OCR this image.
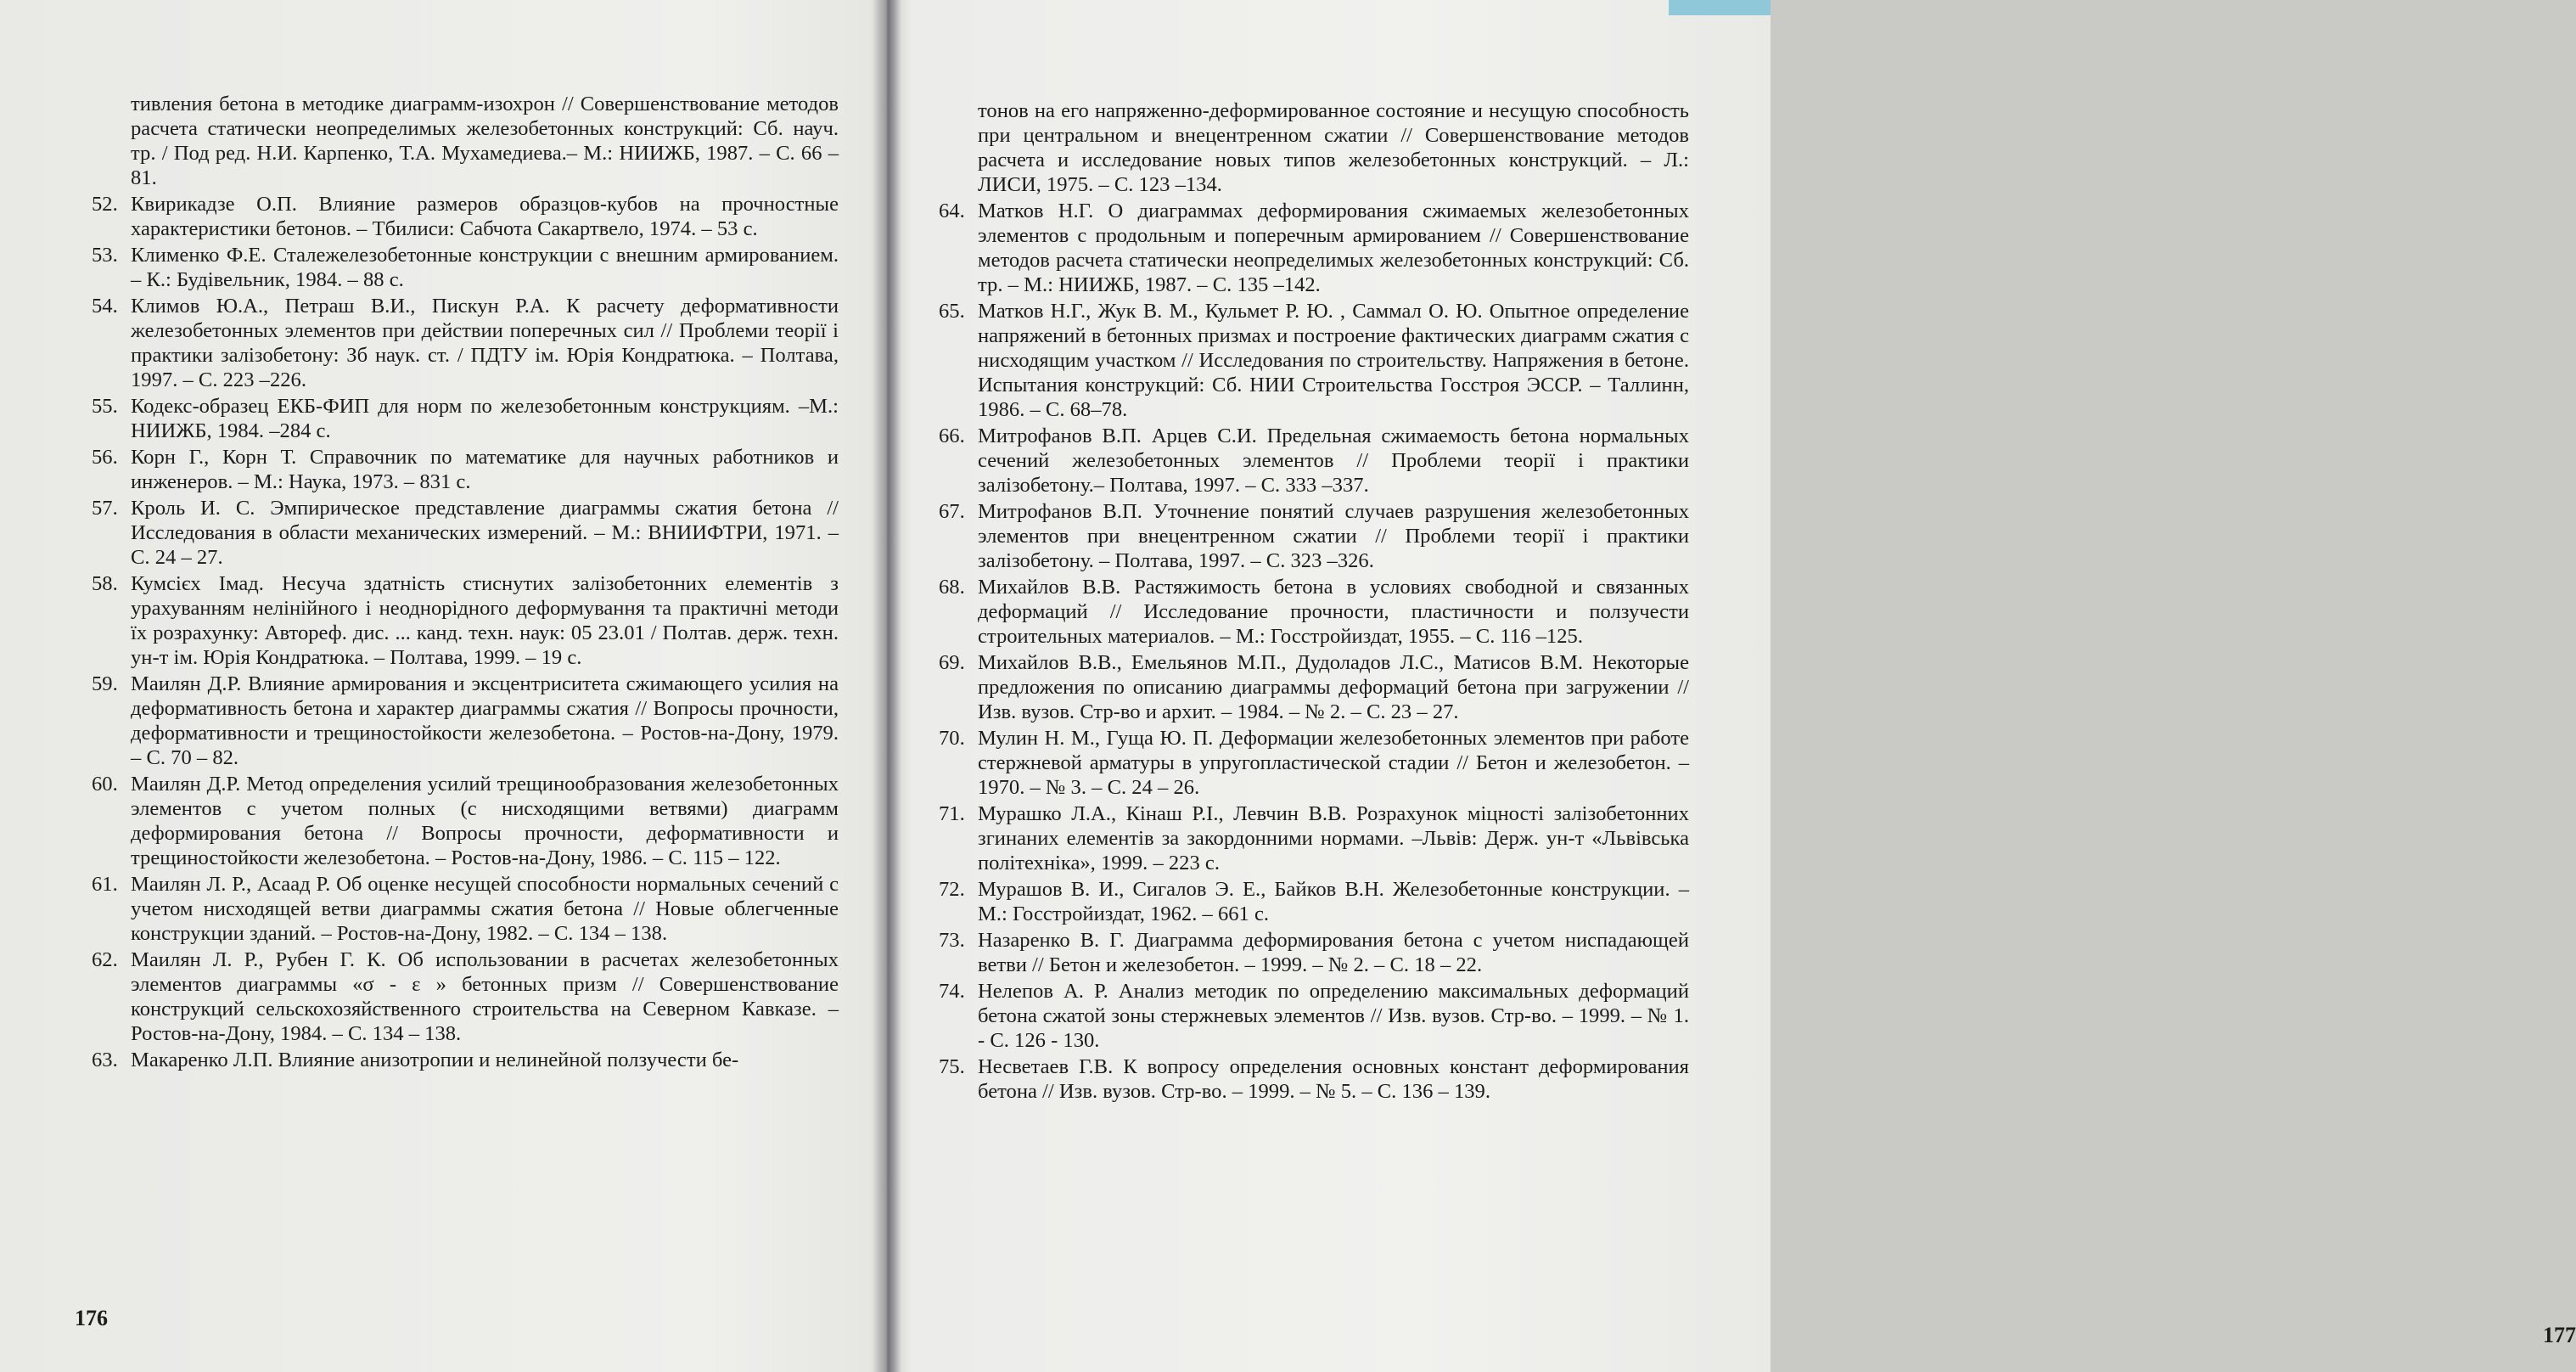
тивления бетона в методике диаграмм-изохрон // Совершенствование методов расчета статически неопределимых железобетонных конструкций: Сб. науч. тр. / Под ред. Н.И. Карпенко, Т.А. Мухамедиева.– М.: НИИЖБ, 1987. – С. 66 –81.
52. Квирикадзе О.П. Влияние размеров образцов-кубов на прочностные характеристики бетонов. – Тбилиси: Сабчота Сакартвело, 1974. – 53 с.
53. Клименко Ф.Е. Сталежелезобетонные конструкции с внешним армированием. – К.: Будівельник, 1984. – 88 с.
54. Климов Ю.А., Петраш В.И., Пискун Р.А. К расчету деформативности железобетонных элементов при действии поперечных сил // Проблеми теорії і практики залізобетону: Зб наук. ст. / ПДТУ ім. Юрія Кондратюка. – Полтава, 1997. – С. 223 –226.
55. Кодекс-образец ЕКБ-ФИП для норм по железобетонным конструкциям. –М.: НИИЖБ, 1984. –284 с.
56. Корн Г., Корн Т. Справочник по математике для научных работников и инженеров. – М.: Наука, 1973. – 831 с.
57. Кроль И. С. Эмпирическое представление диаграммы сжатия бетона // Исследования в области механических измерений. – М.: ВНИИФТРИ, 1971. – С. 24 – 27.
58. Кумсієх Імад. Несуча здатність стиснутих залізобетонних елементів з урахуванням нелінійного і неоднорідного деформування та практичні методи їх розрахунку: Автореф. дис. ... канд. техн. наук: 05 23.01 / Полтав. держ. техн. ун-т ім. Юрія Кондратюка. – Полтава, 1999. – 19 с.
59. Маилян Д.Р. Влияние армирования и эксцентриситета сжимающего усилия на деформативность бетона и характер диаграммы сжатия // Вопросы прочности, деформативности и трещиностойкости железобетона. – Ростов-на-Дону, 1979. – С. 70 – 82.
60. Маилян Д.Р. Метод определения усилий трещинообразования железобетонных элементов с учетом полных (с нисходящими ветвями) диаграмм деформирования бетона // Вопросы прочности, деформативности и трещиностойкости железобетона. – Ростов-на-Дону, 1986. – С. 115 – 122.
61. Маилян Л. Р., Асаад Р. Об оценке несущей способности нормальных сечений с учетом нисходящей ветви диаграммы сжатия бетона // Новые облегченные конструкции зданий. – Ростов-на-Дону, 1982. – С. 134 – 138.
62. Маилян Л. Р., Рубен Г. К. Об использовании в расчетах железобетонных элементов диаграммы «σ - ε » бетонных призм // Совершенствование конструкций сельскохозяйственного строительства на Северном Кавказе. – Ростов-на-Дону, 1984. – С. 134 – 138.
63. Макаренко Л.П. Влияние анизотропии и нелинейной ползучести бе-
176
177
тонов на его напряженно-деформированное состояние и несущую способность при центральном и внецентренном сжатии // Совершенствование методов расчета и исследование новых типов железобетонных конструкций. – Л.: ЛИСИ, 1975. – С. 123 –134.
64. Матков Н.Г. О диаграммах деформирования сжимаемых железобетонных элементов с продольным и поперечным армированием // Совершенствование методов расчета статически неопределимых железобетонных конструкций: Сб. тр. – М.: НИИЖБ, 1987. – С. 135 –142.
65. Матков Н.Г., Жук В. М., Кульмет Р. Ю. , Саммал О. Ю. Опытное определение напряжений в бетонных призмах и построение фактических диаграмм сжатия с нисходящим участком // Исследования по строительству. Напряжения в бетоне. Испытания конструкций: Сб. НИИ Строительства Госстроя ЭССР. – Таллинн, 1986. – С. 68–78.
66. Митрофанов В.П. Арцев С.И. Предельная сжимаемость бетона нормальных сечений железобетонных элементов // Проблеми теорії і практики залізобетону.– Полтава, 1997. – С. 333 –337.
67. Митрофанов В.П. Уточнение понятий случаев разрушения железобетонных элементов при внецентренном сжатии // Проблеми теорії і практики залізобетону. – Полтава, 1997. – С. 323 –326.
68. Михайлов В.В. Растяжимость бетона в условиях свободной и связанных деформаций // Исследование прочности, пластичности и ползучести строительных материалов. – М.: Госстройиздат, 1955. – С. 116 –125.
69. Михайлов В.В., Емельянов М.П., Дудоладов Л.С., Матисов В.М. Некоторые предложения по описанию диаграммы деформаций бетона при загружении // Изв. вузов. Стр-во и архит. – 1984. – № 2. – С. 23 – 27.
70. Мулин Н. М., Гуща Ю. П. Деформации железобетонных элементов при работе стержневой арматуры в упругопластической стадии // Бетон и железобетон. – 1970. – № 3. – С. 24 – 26.
71. Мурашко Л.А., Кінаш Р.І., Левчин В.В. Розрахунок міцності залізобетонних згинаних елементів за закордонними нормами. –Львів: Держ. ун-т «Львівська політехніка», 1999. – 223 с.
72. Мурашов В. И., Сигалов Э. Е., Байков В.Н. Железобетонные конструкции. – М.: Госстройиздат, 1962. – 661 с.
73. Назаренко В. Г. Диаграмма деформирования бетона с учетом ниспадающей ветви // Бетон и железобетон. – 1999. – № 2. – С. 18 – 22.
74. Нелепов А. Р. Анализ методик по определению максимальных деформаций бетона сжатой зоны стержневых элементов // Изв. вузов. Стр-во. – 1999. – № 1. - С. 126 - 130.
75. Несветаев Г.В. К вопросу определения основных констант деформирования бетона // Изв. вузов. Стр-во. – 1999. – № 5. – С. 136 – 139.
